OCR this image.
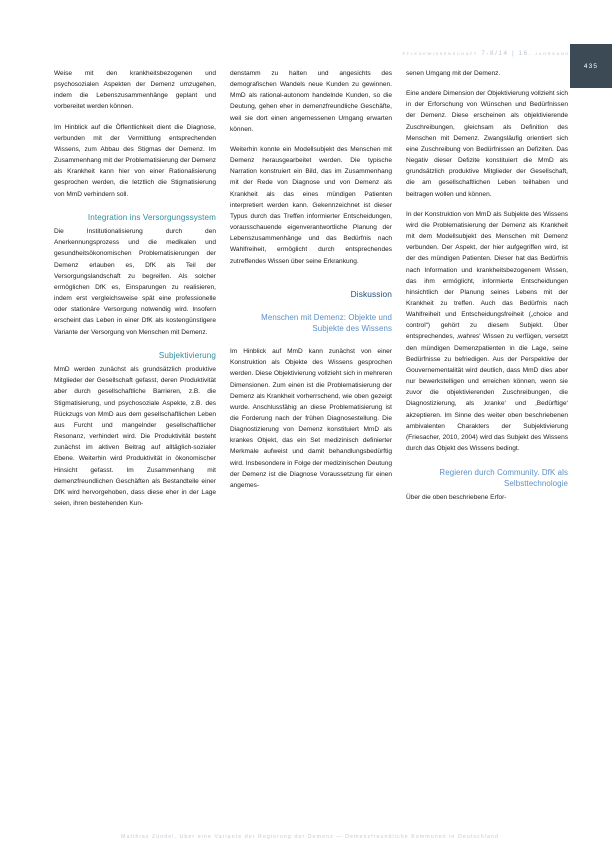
pflegewissenschaft 7-8/14 | 16. jahrgang
435

Weise mit den krankheitsbezogenen und psychosozialen Aspekten der Demenz umzugehen, indem die Lebenszusammenhänge geplant und vorbereitet werden können.

Im Hinblick auf die Öffentlichkeit dient die Diagnose, verbunden mit der Vermittlung entsprechenden Wissens, zum Abbau des Stigmas der Demenz. Im Zusammenhang mit der Problematisierung der Demenz als Krankheit kann hier von einer Rationalisierung gesprochen werden, die letztlich die Stigmatisierung von MmD verhindern soll.

Integration ins Versorgungssystem

Die Institutionalisierung durch den Anerkennungsprozess und die medikalen und gesundheitsökonomischen Problematisierungen der Demenz erlauben es, DfK als Teil der Versorgungslandschaft zu begreifen. Als solcher ermöglichen DfK es, Einsparungen zu realisieren, indem erst vergleichsweise spät eine professionelle oder stationäre Versorgung notwendig wird. Insofern erscheint das Leben in einer DfK als kostengünstigere Variante der Versorgung von Menschen mit Demenz.

Subjektivierung

MmD werden zunächst als grundsätzlich produktive Mitglieder der Gesellschaft gefasst, deren Produktivität aber durch gesellschaftliche Barrieren, z.B. die Stigmatisierung, und psychosoziale Aspekte, z.B. des Rückzugs von MmD aus dem gesellschaftlichen Leben aus Furcht und mangelnder gesellschaftlicher Resonanz, verhindert wird. Die Produktivität besteht zunächst im aktiven Beitrag auf alltäglich-sozialer Ebene. Weiterhin wird Produktivität in ökonomischer Hinsicht gefasst. Im Zusammenhang mit demenzfreundlichen Geschäften als Bestandteile einer DfK wird hervorgehoben, dass diese eher in der Lage seien, ihren bestehenden Kun-

denstamm zu halten und angesichts des demografischen Wandels neue Kunden zu gewinnen. MmD als rational-autonom handelnde Kunden, so die Deutung, gehen eher in demenzfreundliche Geschäfte, weil sie dort einen angemessenen Umgang erwarten können.

Weiterhin konnte ein Modellsubjekt des Menschen mit Demenz herausgearbeitet werden. Die typische Narration konstruiert ein Bild, das im Zusammenhang mit der Rede von Diagnose und von Demenz als Krankheit als das eines mündigen Patienten interpretiert werden kann. Gekennzeichnet ist dieser Typus durch das Treffen informierter Entscheidungen, vorausschauende eigenverantwortliche Planung der Lebenszusammenhänge und das Bedürfnis nach Wahlfreiheit, ermöglicht durch entsprechendes zutreffendes Wissen über seine Erkrankung.

Diskussion
Menschen mit Demenz: Objekte und Subjekte des Wissens

Im Hinblick auf MmD kann zunächst von einer Konstruktion als Objekte des Wissens gesprochen werden. Diese Objektivierung vollzieht sich in mehreren Dimensionen. Zum einen ist die Problematisierung der Demenz als Krankheit vorherrschend, wie oben gezeigt wurde. Anschlussfähig an diese Problematisierung ist die Forderung nach der frühen Diagnosestellung. Die Diagnostizierung von Demenz konstituiert MmD als krankes Objekt, das ein Set medizinisch definierter Merkmale aufweist und damit behandlungsbedürftig wird. Insbesondere in Folge der medizinischen Deutung der Demenz ist die Diagnose Voraussetzung für einen angemes-

senen Umgang mit der Demenz.

Eine andere Dimension der Objektivierung vollzieht sich in der Erforschung von Wünschen und Bedürfnissen der Demenz. Diese erscheinen als objektivierende Zuschreibungen, gleichsam als Definition des Menschen mit Demenz. Zwangsläufig orientiert sich eine Zuschreibung von Bedürfnissen an Defiziten. Das Negativ dieser Defizite konstituiert die MmD als grundsätzlich produktive Mitglieder der Gesellschaft, die am gesellschaftlichen Leben teilhaben und beitragen wollen und können.

In der Konstruktion von MmD als Subjekte des Wissens wird die Problematisierung der Demenz als Krankheit mit dem Modellsubjekt des Menschen mit Demenz verbunden. Der Aspekt, der hier aufgegriffen wird, ist der des mündigen Patienten. Dieser hat das Bedürfnis nach Information und krankheitsbezogenem Wissen, das ihm ermöglicht, informierte Entscheidungen hinsichtlich der Planung seines Lebens mit der Krankheit zu treffen. Auch das Bedürfnis nach Wahlfreiheit und Entscheidungsfreiheit („choice and control“) gehört zu diesem Subjekt. Über entsprechendes, ‚wahres‘ Wissen zu verfügen, versetzt den mündigen Demenzpatienten in die Lage, seine Bedürfnisse zu befriedigen. Aus der Perspektive der Gouvernementalität wird deutlich, dass MmD dies aber nur bewerkstelligen und erreichen können, wenn sie zuvor die objektivierenden Zuschreibungen, die Diagnostizierung, als ‚kranke‘ und ‚Bedürftige‘ akzeptieren. Im Sinne des weiter oben beschriebenen ambivalenten Charakters der Subjektivierung (Friesacher, 2010, 2004) wird das Subjekt des Wissens durch das Objekt des Wissens bedingt.

Regieren durch Community. DfK als Selbsttechnologie

Über die oben beschriebene Erfor-

Matthias Zündel, Über eine Variante der Regierung der Demenz — Demenzfreundliche Kommunen in Deutschland
